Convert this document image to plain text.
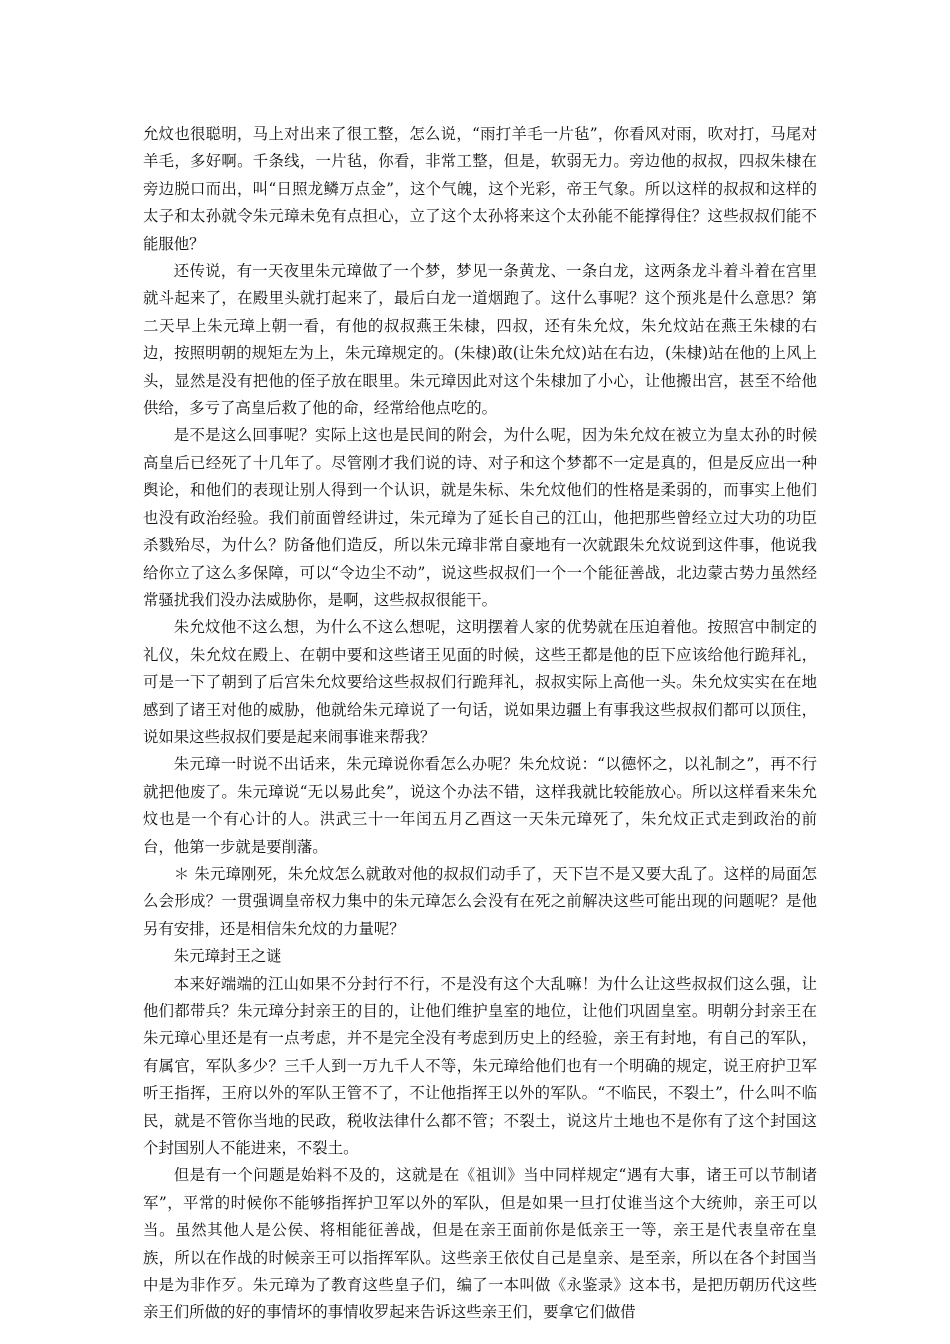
允炆也很聪明，马上对出来了很工整，怎么说，“雨打羊毛一片毡”，你看风对雨，吹对打，马尾对羊毛，多好啊。千条线，一片毡，你看，非常工整，但是，软弱无力。旁边他的叔叔，四叔朱棣在旁边脱口而出，叫“日照龙鳞万点金”，这个气魄，这个光彩，帝王气象。所以这样的叔叔和这样的太子和太孙就令朱元璋未免有点担心，立了这个太孙将来这个太孙能不能撑得住？这些叔叔们能不能服他？

还传说，有一天夜里朱元璋做了一个梦，梦见一条黄龙、一条白龙，这两条龙斗着斗着在宫里就斗起来了，在殿里头就打起来了，最后白龙一道烟跑了。这什么事呢？这个预兆是什么意思？第二天早上朱元璋上朝一看，有他的叔叔燕王朱棣，四叔，还有朱允炆，朱允炆站在燕王朱棣的右边，按照明朝的规矩左为上，朱元璋规定的。(朱棣)敢(让朱允炆)站在右边，(朱棣)站在他的上风上头，显然是没有把他的侄子放在眼里。朱元璋因此对这个朱棣加了小心，让他搬出宫，甚至不给他供给，多亏了高皇后救了他的命，经常给他点吃的。

是不是这么回事呢？实际上这也是民间的附会，为什么呢，因为朱允炆在被立为皇太孙的时候高皇后已经死了十几年了。尽管刚才我们说的诗、对子和这个梦都不一定是真的，但是反应出一种舆论，和他们的表现让别人得到一个认识，就是朱标、朱允炆他们的性格是柔弱的，而事实上他们也没有政治经验。我们前面曾经讲过，朱元璋为了延长自己的江山，他把那些曾经立过大功的功臣杀戮殆尽，为什么？防备他们造反，所以朱元璋非常自豪地有一次就跟朱允炆说到这件事，他说我给你立了这么多保障，可以“令边尘不动”，说这些叔叔们一个一个能征善战，北边蒙古势力虽然经常骚扰我们没办法威胁你，是啊，这些叔叔很能干。

朱允炆他不这么想，为什么不这么想呢，这明摆着人家的优势就在压迫着他。按照宫中制定的礼仪，朱允炆在殿上、在朝中要和这些诸王见面的时候，这些王都是他的臣下应该给他行跪拜礼，可是一下了朝到了后宫朱允炆要给这些叔叔们行跪拜礼，叔叔实际上高他一头。朱允炆实实在在地感到了诸王对他的威胁，他就给朱元璋说了一句话，说如果边疆上有事我这些叔叔们都可以顶住，说如果这些叔叔们要是起来闹事谁来帮我？

朱元璋一时说不出话来，朱元璋说你看怎么办呢？朱允炆说：“以德怀之，以礼制之”，再不行就把他废了。朱元璋说“无以易此矣”，说这个办法不错，这样我就比较能放心。所以这样看来朱允炆也是一个有心计的人。洪武三十一年闰五月乙酉这一天朱元璋死了，朱允炆正式走到政治的前台，他第一步就是要削藩。

＊ 朱元璋刚死，朱允炆怎么就敢对他的叔叔们动手了，天下岂不是又要大乱了。这样的局面怎么会形成？一贯强调皇帝权力集中的朱元璋怎么会没有在死之前解决这些可能出现的问题呢？是他另有安排，还是相信朱允炆的力量呢？

朱元璋封王之谜

本来好端端的江山如果不分封行不行，不是没有这个大乱嘛！为什么让这些叔叔们这么强，让他们都带兵？朱元璋分封亲王的目的，让他们维护皇室的地位，让他们巩固皇室。明朝分封亲王在朱元璋心里还是有一点考虑，并不是完全没有考虑到历史上的经验，亲王有封地，有自己的军队，有属官，军队多少？三千人到一万九千人不等，朱元璋给他们也有一个明确的规定，说王府护卫军听王指挥，王府以外的军队王管不了，不让他指挥王以外的军队。“不临民，不裂土”，什么叫不临民，就是不管你当地的民政，税收法律什么都不管；不裂土，说这片土地也不是你有了这个封国这个封国别人不能进来，不裂土。

但是有一个问题是始料不及的，这就是在《祖训》当中同样规定“遇有大事，诸王可以节制诸军”，平常的时候你不能够指挥护卫军以外的军队，但是如果一旦打仗谁当这个大统帅，亲王可以当。虽然其他人是公侯、将相能征善战，但是在亲王面前你是低亲王一等，亲王是代表皇帝在皇族，所以在作战的时候亲王可以指挥军队。这些亲王依仗自己是皇亲、是至亲，所以在各个封国当中是为非作歹。朱元璋为了教育这些皇子们，编了一本叫做《永鉴录》这本书，是把历朝历代这些亲王们所做的好的事情坏的事情收罗起来告诉这些亲王们，要拿它们做借
